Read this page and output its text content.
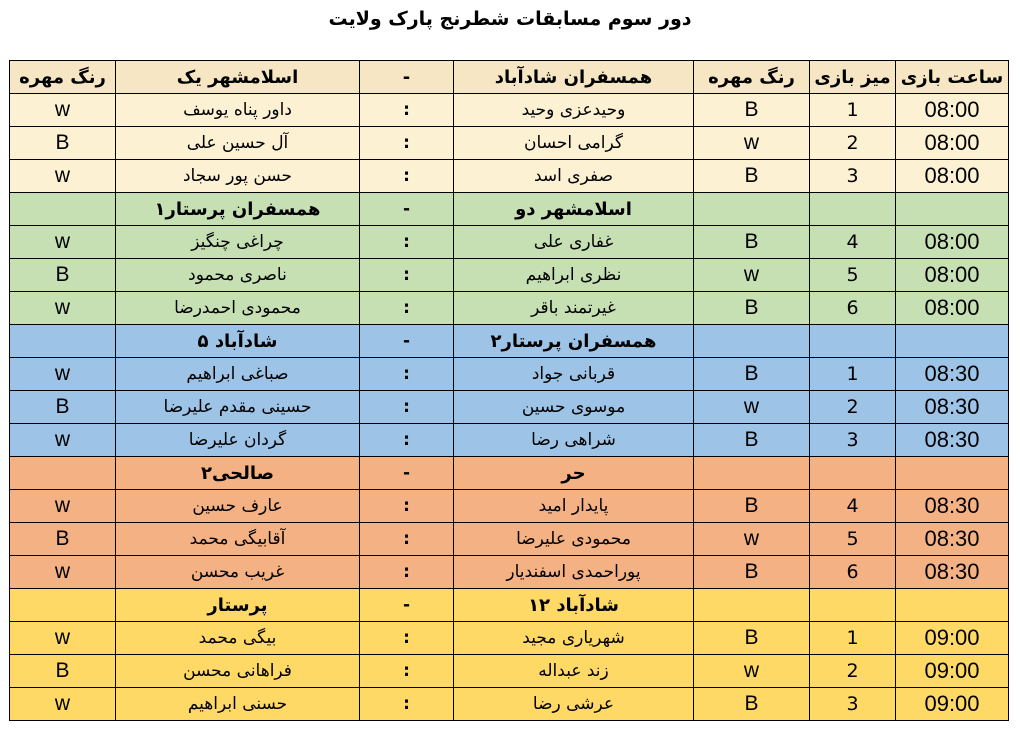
دور سوم مسابقات شطرنج پارک ولایت
رنگ مهره	اسلامشهر یک	-	همسفران شادآباد	رنگ مهره	میز بازی	ساعت بازی
w	داور پناه یوسف	:	وحیدعزی وحید	B	1	08:00
B	آل حسین علی	:	گرامی احسان	w	2	08:00
w	حسن پور سجاد	:	صفری اسد	B	3	08:00
	همسفران پرستار۱	-	اسلامشهر دو			
w	چراغی چنگیز	:	غفاری علی	B	4	08:00
B	ناصری محمود	:	نظری ابراهیم	w	5	08:00
w	محمودی احمدرضا	:	غیرتمند باقر	B	6	08:00
	شادآباد ۵	-	همسفران پرستار۲			
w	صباغی ابراهیم	:	قربانی جواد	B	1	08:30
B	حسینی مقدم علیرضا	:	موسوی حسین	w	2	08:30
w	گردان علیرضا	:	شراهی رضا	B	3	08:30
	صالحی۲	-	حر			
w	عارف حسین	:	پایدار امید	B	4	08:30
B	آقابیگی محمد	:	محمودی علیرضا	w	5	08:30
w	غریب محسن	:	پوراحمدی اسفندیار	B	6	08:30
	پرستار	-	شادآباد ۱۲			
w	بیگی محمد	:	شهریاری مجید	B	1	09:00
B	فراهانی محسن	:	زند عبداله	w	2	09:00
w	حسنی ابراهیم	:	عرشی رضا	B	3	09:00
